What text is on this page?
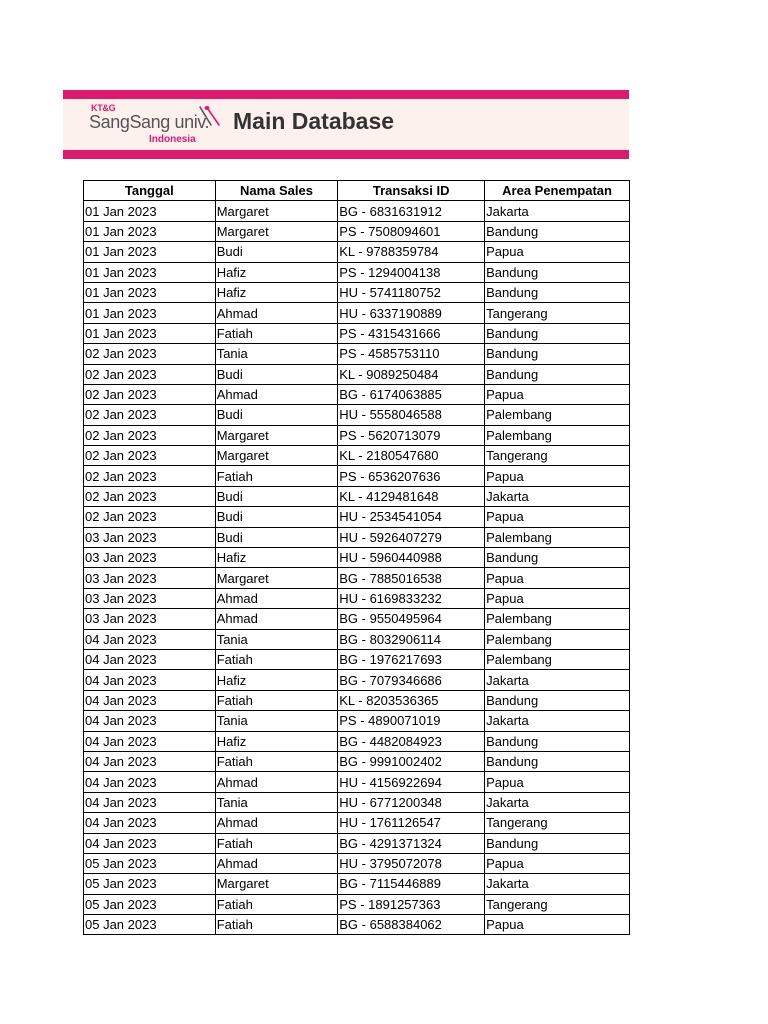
KT&G
SangSang univ.
Indonesia
Main Database
Tanggal	Nama Sales	Transaksi ID	Area Penempatan
01 Jan 2023	Margaret	BG - 6831631912	Jakarta
01 Jan 2023	Margaret	PS - 7508094601	Bandung
01 Jan 2023	Budi	KL - 9788359784	Papua
01 Jan 2023	Hafiz	PS - 1294004138	Bandung
01 Jan 2023	Hafiz	HU - 5741180752	Bandung
01 Jan 2023	Ahmad	HU - 6337190889	Tangerang
01 Jan 2023	Fatiah	PS - 4315431666	Bandung
02 Jan 2023	Tania	PS - 4585753110	Bandung
02 Jan 2023	Budi	KL - 9089250484	Bandung
02 Jan 2023	Ahmad	BG - 6174063885	Papua
02 Jan 2023	Budi	HU - 5558046588	Palembang
02 Jan 2023	Margaret	PS - 5620713079	Palembang
02 Jan 2023	Margaret	KL - 2180547680	Tangerang
02 Jan 2023	Fatiah	PS - 6536207636	Papua
02 Jan 2023	Budi	KL - 4129481648	Jakarta
02 Jan 2023	Budi	HU - 2534541054	Papua
03 Jan 2023	Budi	HU - 5926407279	Palembang
03 Jan 2023	Hafiz	HU - 5960440988	Bandung
03 Jan 2023	Margaret	BG - 7885016538	Papua
03 Jan 2023	Ahmad	HU - 6169833232	Papua
03 Jan 2023	Ahmad	BG - 9550495964	Palembang
04 Jan 2023	Tania	BG - 8032906114	Palembang
04 Jan 2023	Fatiah	BG - 1976217693	Palembang
04 Jan 2023	Hafiz	BG - 7079346686	Jakarta
04 Jan 2023	Fatiah	KL - 8203536365	Bandung
04 Jan 2023	Tania	PS - 4890071019	Jakarta
04 Jan 2023	Hafiz	BG - 4482084923	Bandung
04 Jan 2023	Fatiah	BG - 9991002402	Bandung
04 Jan 2023	Ahmad	HU - 4156922694	Papua
04 Jan 2023	Tania	HU - 6771200348	Jakarta
04 Jan 2023	Ahmad	HU - 1761126547	Tangerang
04 Jan 2023	Fatiah	BG - 4291371324	Bandung
05 Jan 2023	Ahmad	HU - 3795072078	Papua
05 Jan 2023	Margaret	BG - 7115446889	Jakarta
05 Jan 2023	Fatiah	PS - 1891257363	Tangerang
05 Jan 2023	Fatiah	BG - 6588384062	Papua
